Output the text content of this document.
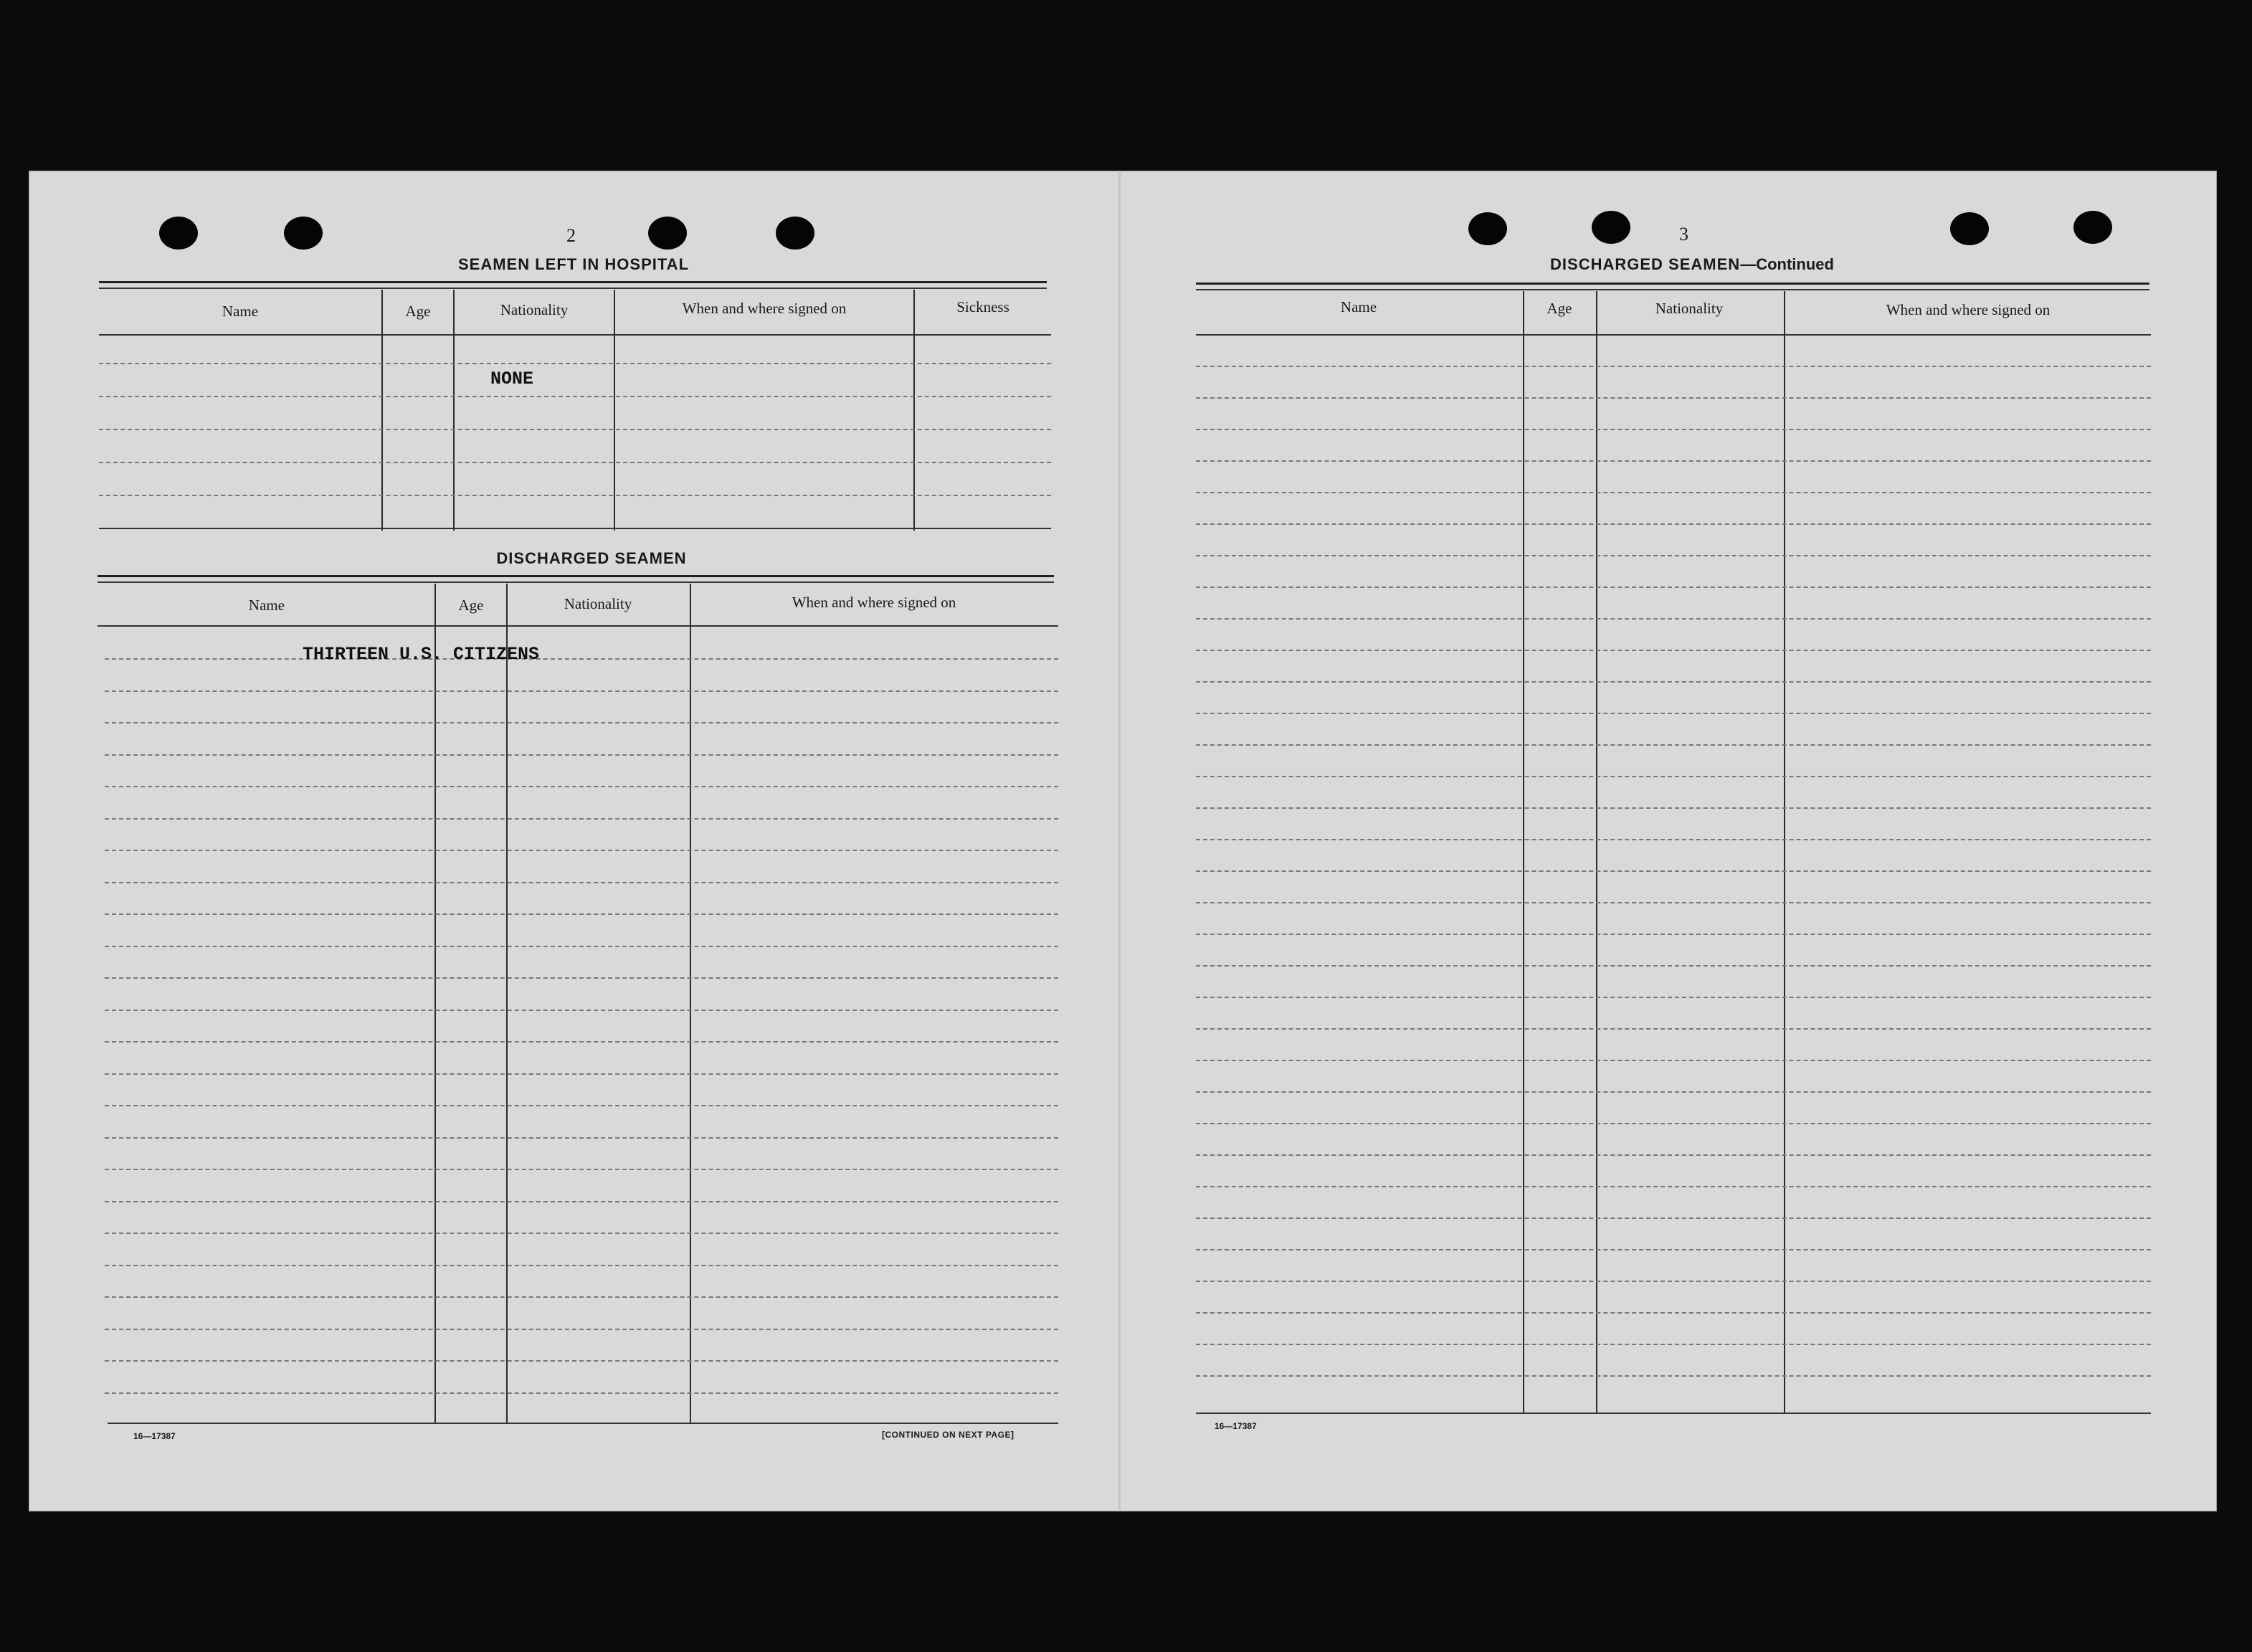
2
SEAMEN LEFT IN HOSPITAL
Name	Age	Nationality	When and where signed on	Sickness
NONE
DISCHARGED SEAMEN
Name	Age	Nationality	When and where signed on
THIRTEEN U.S. CITIZENS
16—17387	[CONTINUED ON NEXT PAGE]
3
DISCHARGED SEAMEN—Continued
Name	Age	Nationality	When and where signed on
16—17387
